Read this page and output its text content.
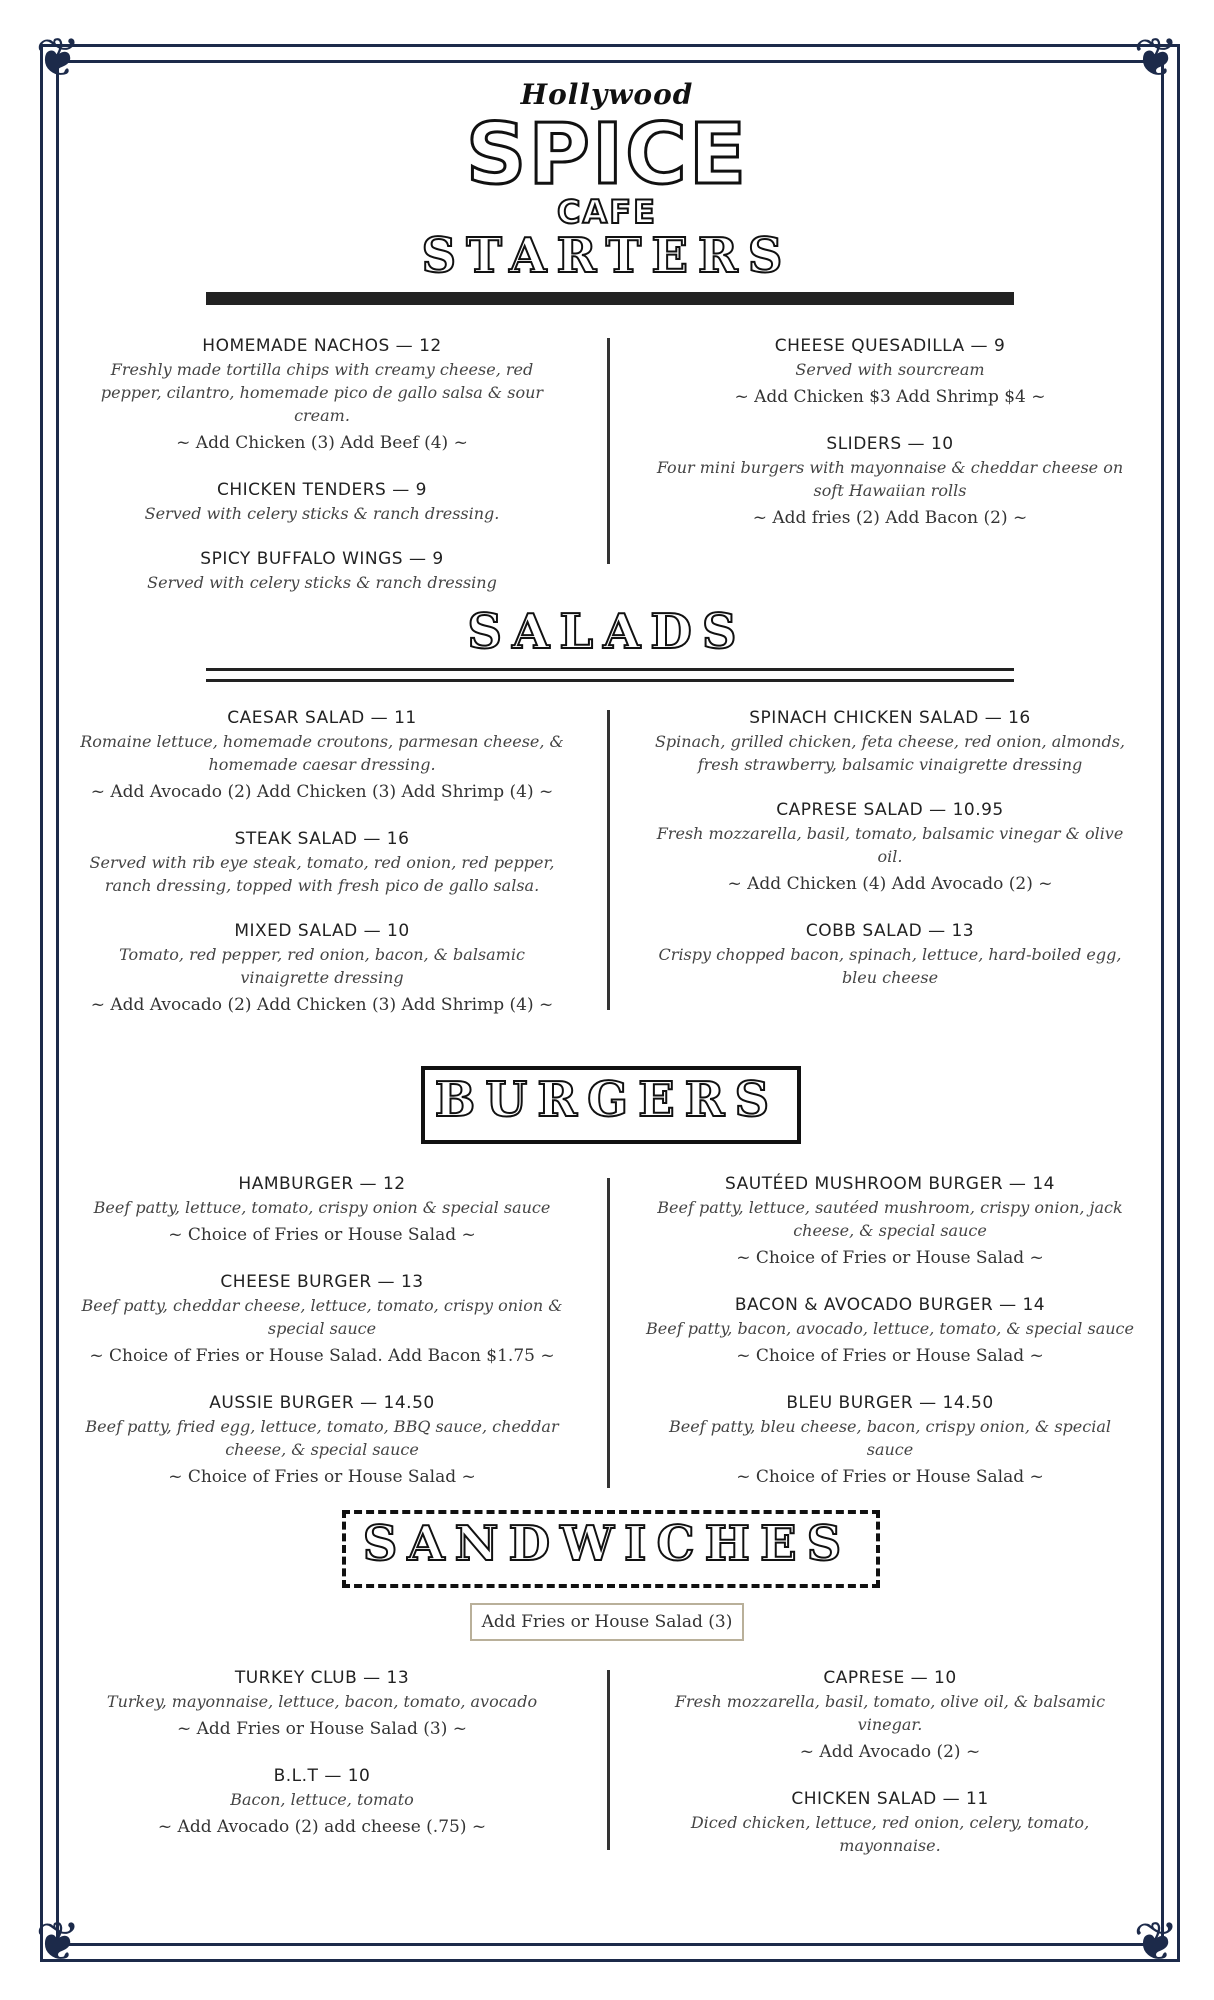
❦	❦
❦	❦
Hollywood
SPICE
CAFE
STARTERS
HOMEMADE NACHOS — 12
Freshly made tortilla chips with creamy cheese, red pepper, cilantro, homemade pico de gallo salsa & sour cream.
~ Add Chicken (3) Add Beef (4) ~
CHICKEN TENDERS — 9
Served with celery sticks & ranch dressing.
SPICY BUFFALO WINGS — 9
Served with celery sticks & ranch dressing
CHEESE QUESADILLA — 9
Served with sourcream
~ Add Chicken $3 Add Shrimp $4 ~
SLIDERS — 10
Four mini burgers with mayonnaise & cheddar cheese on soft Hawaiian rolls
~ Add fries (2) Add Bacon (2) ~
SALADS
CAESAR SALAD — 11
Romaine lettuce, homemade croutons, parmesan cheese, & homemade caesar dressing.
~ Add Avocado (2) Add Chicken (3) Add Shrimp (4) ~
STEAK SALAD — 16
Served with rib eye steak, tomato, red onion, red pepper, ranch dressing, topped with fresh pico de gallo salsa.
MIXED SALAD — 10
Tomato, red pepper, red onion, bacon, & balsamic vinaigrette dressing
~ Add Avocado (2) Add Chicken (3) Add Shrimp (4) ~
SPINACH CHICKEN SALAD — 16
Spinach, grilled chicken, feta cheese, red onion, almonds, fresh strawberry, balsamic vinaigrette dressing
CAPRESE SALAD — 10.95
Fresh mozzarella, basil, tomato, balsamic vinegar & olive oil.
~ Add Chicken (4) Add Avocado (2) ~
COBB SALAD — 13
Crispy chopped bacon, spinach, lettuce, hard-boiled egg, bleu cheese
BURGERS
HAMBURGER — 12
Beef patty, lettuce, tomato, crispy onion & special sauce
~ Choice of Fries or House Salad ~
CHEESE BURGER — 13
Beef patty, cheddar cheese, lettuce, tomato, crispy onion & special sauce
~ Choice of Fries or House Salad. Add Bacon $1.75 ~
AUSSIE BURGER — 14.50
Beef patty, fried egg, lettuce, tomato, BBQ sauce, cheddar cheese, & special sauce
~ Choice of Fries or House Salad ~
SAUTÉED MUSHROOM BURGER — 14
Beef patty, lettuce, sautéed mushroom, crispy onion, jack cheese, & special sauce
~ Choice of Fries or House Salad ~
BACON & AVOCADO BURGER — 14
Beef patty, bacon, avocado, lettuce, tomato, & special sauce
~ Choice of Fries or House Salad ~
BLEU BURGER — 14.50
Beef patty, bleu cheese, bacon, crispy onion, & special sauce
~ Choice of Fries or House Salad ~
SANDWICHES
Add Fries or House Salad (3)
TURKEY CLUB — 13
Turkey, mayonnaise, lettuce, bacon, tomato, avocado
~ Add Fries or House Salad (3) ~
B.L.T — 10
Bacon, lettuce, tomato
~ Add Avocado (2) add cheese (.75) ~
CAPRESE — 10
Fresh mozzarella, basil, tomato, olive oil, & balsamic vinegar.
~ Add Avocado (2) ~
CHICKEN SALAD — 11
Diced chicken, lettuce, red onion, celery, tomato, mayonnaise.
